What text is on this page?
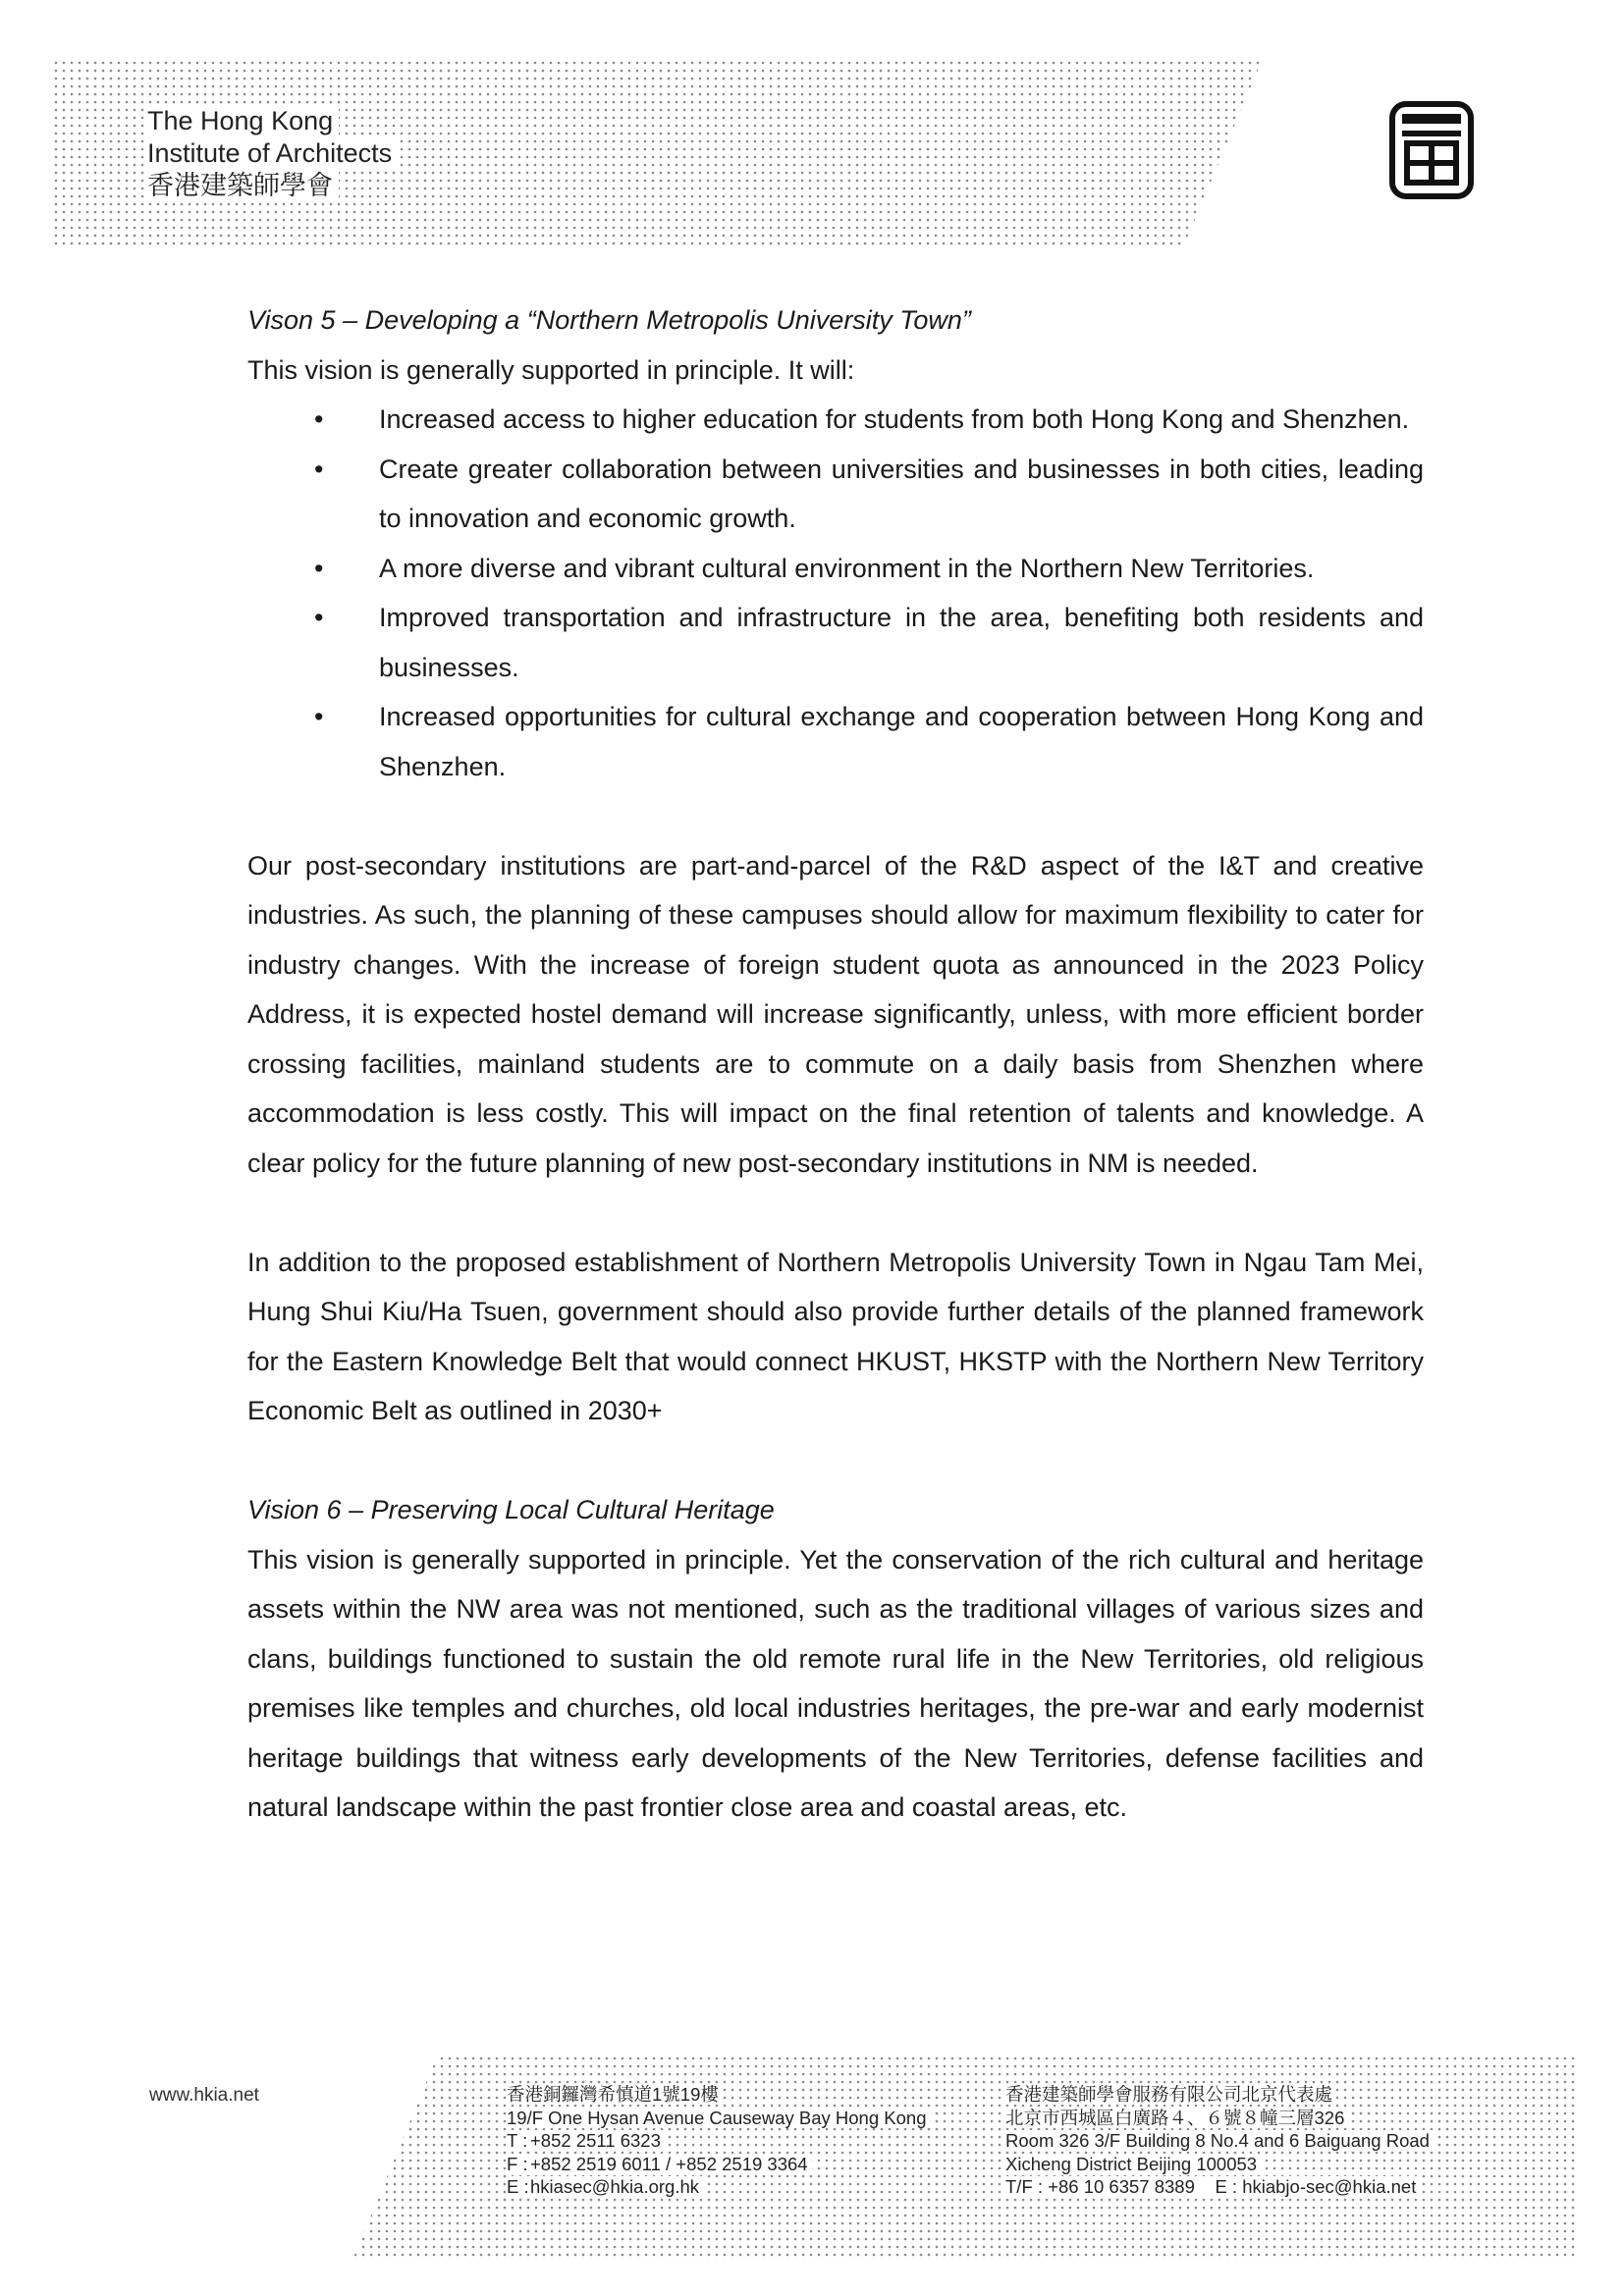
The Hong Kong
Institute of Architects
香港建築師學會

Vison 5 – Developing a “Northern Metropolis University Town”

This vision is generally supported in principle. It will:

• Increased access to higher education for students from both Hong Kong and Shenzhen.
• Create greater collaboration between universities and businesses in both cities, leading to innovation and economic growth.
• A more diverse and vibrant cultural environment in the Northern New Territories.
• Improved transportation and infrastructure in the area, benefiting both residents and businesses.
• Increased opportunities for cultural exchange and cooperation between Hong Kong and Shenzhen.

Our post-secondary institutions are part-and-parcel of the R&D aspect of the I&T and creative industries. As such, the planning of these campuses should allow for maximum flexibility to cater for industry changes. With the increase of foreign student quota as announced in the 2023 Policy Address, it is expected hostel demand will increase significantly, unless, with more efficient border crossing facilities, mainland students are to commute on a daily basis from Shenzhen where accommodation is less costly. This will impact on the final retention of talents and knowledge. A clear policy for the future planning of new post-secondary institutions in NM is needed.

In addition to the proposed establishment of Northern Metropolis University Town in Ngau Tam Mei, Hung Shui Kiu/Ha Tsuen, government should also provide further details of the planned framework for the Eastern Knowledge Belt that would connect HKUST, HKSTP with the Northern New Territory Economic Belt as outlined in 2030+

Vision 6 – Preserving Local Cultural Heritage

This vision is generally supported in principle. Yet the conservation of the rich cultural and heritage assets within the NW area was not mentioned, such as the traditional villages of various sizes and clans, buildings functioned to sustain the old remote rural life in the New Territories, old religious premises like temples and churches, old local industries heritages, the pre-war and early modernist heritage buildings that witness early developments of the New Territories, defense facilities and natural landscape within the past frontier close area and coastal areas, etc.

www.hkia.net	香港銅鑼灣希慎道1號19樓
19/F One Hysan Avenue Causeway Bay Hong Kong
T : +852 2511 6323
F : +852 2519 6011 / +852 2519 3364
E :hkiasec@hkia.org.hk
香港建築師學會服務有限公司北京代表處
北京市西城區白廣路４、６號８幢三層326
Room 326 3/F Building 8 No.4 and 6 Baiguang Road
Xicheng District Beijing 100053
T/F : +86 10 6357 8389 E : hkiabjo-sec@hkia.net
